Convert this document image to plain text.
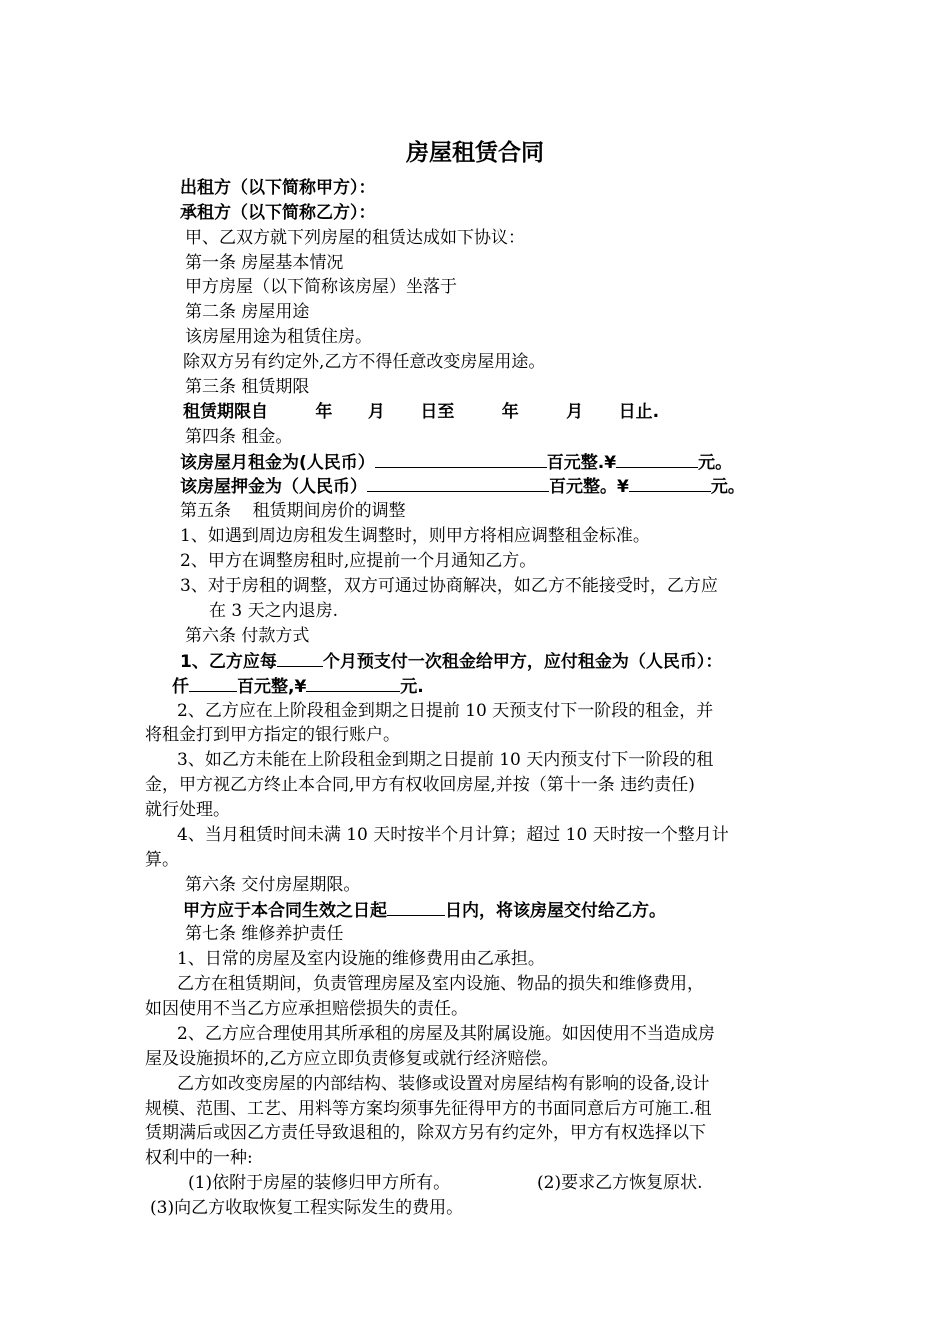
房屋租赁合同
出租方（以下简称甲方）：
承租方（以下简称乙方）：
甲、乙双方就下列房屋的租赁达成如下协议：
第一条 房屋基本情况
甲方房屋（以下简称该房屋）坐落于
第二条 房屋用途
该房屋用途为租赁住房。
除双方另有约定外,乙方不得任意改变房屋用途。
第三条 租赁期限
租赁期限自        年      月      日至        年        月      日止.
第四条 租金。
该房屋月租金为(人民币）	百元整.¥	元。
该房屋押金为（人民币）	百元整。¥	元。
第五条    租赁期间房价的调整
1、如遇到周边房租发生调整时，则甲方将相应调整租金标准。
2、甲方在调整房租时,应提前一个月通知乙方。
3、对于房租的调整，双方可通过协商解决，如乙方不能接受时，乙方应
在 3 天之内退房.
第六条 付款方式
1、乙方应每	个月预支付一次租金给甲方，应付租金为（人民币）：
仟	百元整,¥	元.
2、乙方应在上阶段租金到期之日提前 10 天预支付下一阶段的租金，并
将租金打到甲方指定的银行账户。
3、如乙方未能在上阶段租金到期之日提前 10 天内预支付下一阶段的租
金，甲方视乙方终止本合同,甲方有权收回房屋,并按（第十一条 违约责任)
就行处理。
4、当月租赁时间未满 10 天时按半个月计算；超过 10 天时按一个整月计
算。
第六条 交付房屋期限。
甲方应于本合同生效之日起	日内，将该房屋交付给乙方。
第七条 维修养护责任
1、日常的房屋及室内设施的维修费用由乙承担。
乙方在租赁期间，负责管理房屋及室内设施、物品的损失和维修费用，
如因使用不当乙方应承担赔偿损失的责任。
2、乙方应合理使用其所承租的房屋及其附属设施。如因使用不当造成房
屋及设施损坏的,乙方应立即负责修复或就行经济赔偿。
乙方如改变房屋的内部结构、装修或设置对房屋结构有影响的设备,设计
规模、范围、工艺、用料等方案均须事先征得甲方的书面同意后方可施工.租
赁期满后或因乙方责任导致退租的，除双方另有约定外，甲方有权选择以下
权利中的一种:
(1)依附于房屋的装修归甲方所有。	(2)要求乙方恢复原状.
(3)向乙方收取恢复工程实际发生的费用。
